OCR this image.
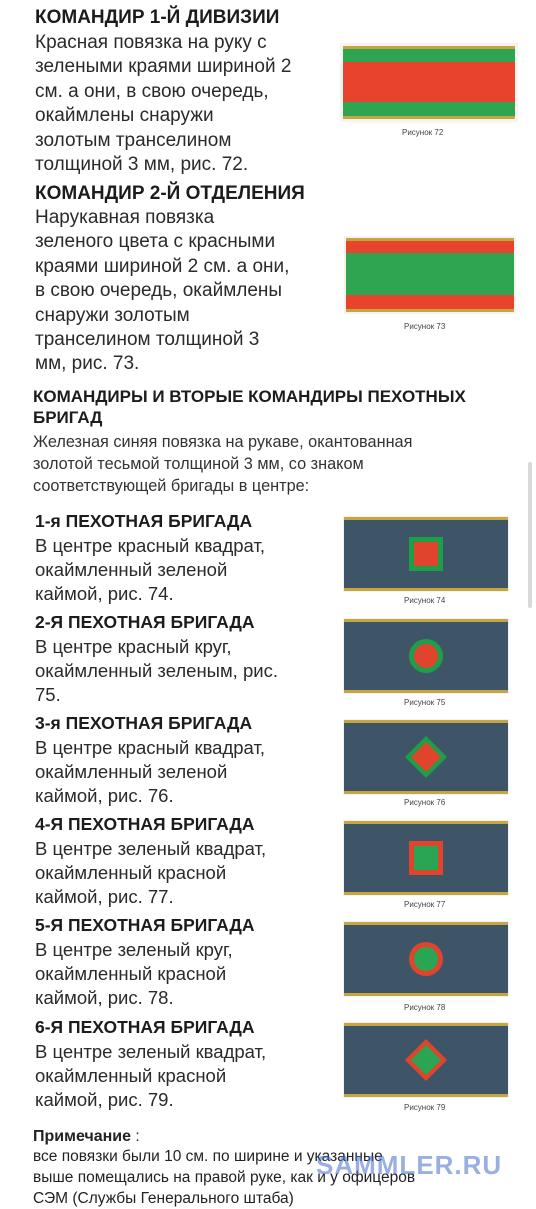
КОМАНДИР 1-Й ДИВИЗИИ
Красная повязка на руку с
зелеными краями шириной 2
см. а они, в свою очередь,
окаймлены снаружи
золотым транселином
толщиной 3 мм, рис. 72.
Рисунок 72
КОМАНДИР 2-Й ОТДЕЛЕНИЯ
Нарукавная повязка
зеленого цвета с красными
краями шириной 2 см. а они,
в свою очередь, окаймлены
снаружи золотым
транселином толщиной 3
мм, рис. 73.
Рисунок 73
КОМАНДИРЫ И ВТОРЫЕ КОМАНДИРЫ ПЕХОТНЫХ
БРИГАД
Железная синяя повязка на рукаве, окантованная
золотой тесьмой толщиной 3 мм, со знаком
соответствующей бригады в центре:
1-я ПЕХОТНАЯ БРИГАДА
В центре красный квадрат,
окаймленный зеленой
каймой, рис. 74.	Рисунок 74
2-Я ПЕХОТНАЯ БРИГАДА
В центре красный круг,
окаймленный зеленым, рис.
75.	Рисунок 75
3-я ПЕХОТНАЯ БРИГАДА
В центре красный квадрат,
окаймленный зеленой
каймой, рис. 76.	Рисунок 76
4-Я ПЕХОТНАЯ БРИГАДА
В центре зеленый квадрат,
окаймленный красной
каймой, рис. 77.	Рисунок 77
5-Я ПЕХОТНАЯ БРИГАДА
В центре зеленый круг,
окаймленный красной
каймой, рис. 78.	Рисунок 78
6-Я ПЕХОТНАЯ БРИГАДА
В центре зеленый квадрат,
окаймленный красной
каймой, рис. 79.	Рисунок 79
Примечание :
все повязки были 10 см. по ширине и указанные
выше помещались на правой руке, как и у офицеров
СЭМ (Службы Генерального штаба)
SAMMLER.RU
